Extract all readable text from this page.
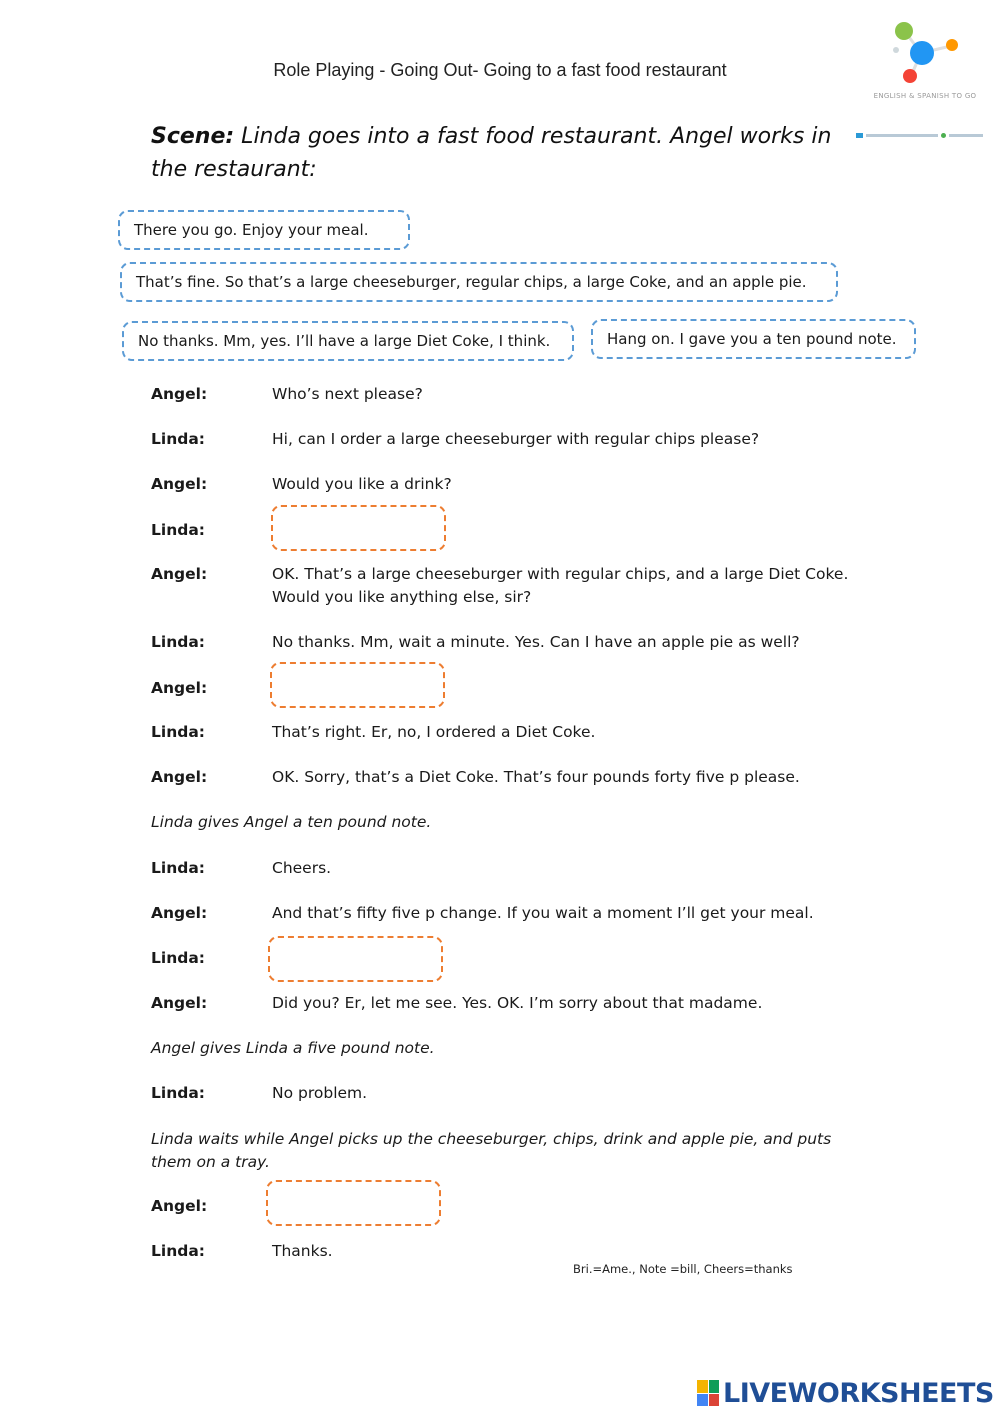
Role Playing - Going Out- Going to a fast food restaurant
ENGLISH & SPANISH TO GO
Scene: Linda goes into a fast food restaurant. Angel works in the restaurant:
There you go. Enjoy your meal.
That’s fine. So that’s a large cheeseburger, regular chips, a large Coke, and an apple pie.
No thanks. Mm, yes. I’ll have a large Diet Coke, I think.	Hang on. I gave you a ten pound note.
Angel:	Who’s next please?
Linda:	Hi, can I order a large cheeseburger with regular chips please?
Angel:	Would you like a drink?
Linda:
Angel:	OK. That’s a large cheeseburger with regular chips, and a large Diet Coke. Would you like anything else, sir?
Linda:	No thanks. Mm, wait a minute. Yes. Can I have an apple pie as well?
Angel:
Linda:	That’s right. Er, no, I ordered a Diet Coke.
Angel:	OK. Sorry, that’s a Diet Coke. That’s four pounds forty five p please.
Linda gives Angel a ten pound note.
Linda:	Cheers.
Angel:	And that’s fifty five p change. If you wait a moment I’ll get your meal.
Linda:
Angel:	Did you? Er, let me see. Yes. OK. I’m sorry about that madame.
Angel gives Linda a five pound note.
Linda:	No problem.
Linda waits while Angel picks up the cheeseburger, chips, drink and apple pie, and puts them on a tray.
Angel:
Linda:	Thanks.
Bri.=Ame., Note =bill, Cheers=thanks
LIVEWORKSHEETS
